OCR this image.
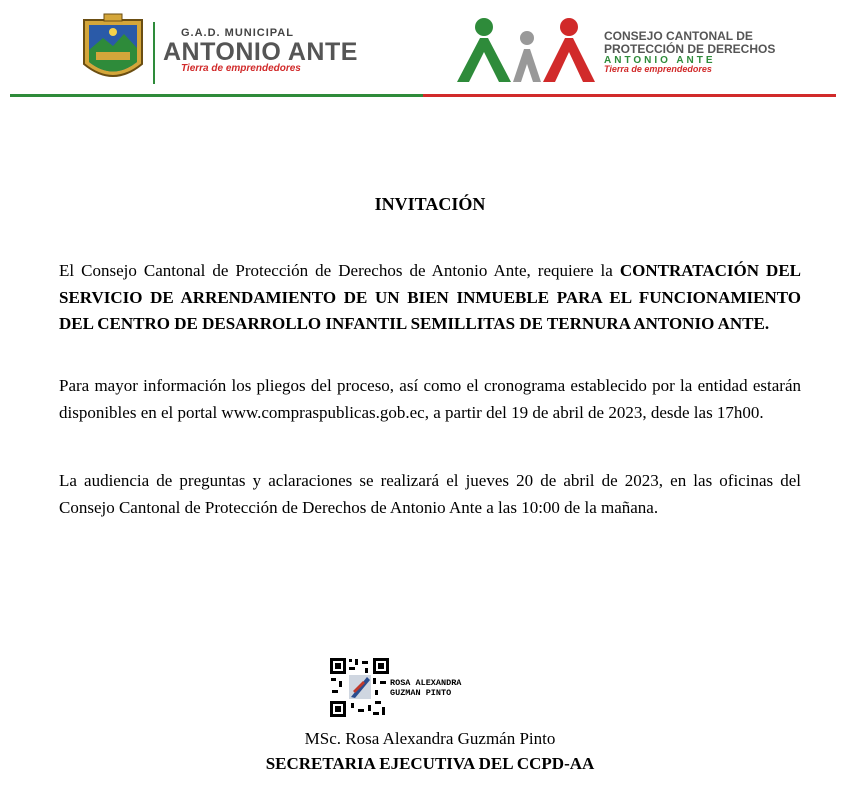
G.A.D. MUNICIPAL
ANTONIO ANTE
Tierra de emprendedores
CONSEJO CANTONAL DE
PROTECCIÓN DE DERECHOS
ANTONIO ANTE
Tierra de emprendedores
INVITACIÓN
El Consejo Cantonal de Protección de Derechos de Antonio Ante, requiere la CONTRATACIÓN DEL SERVICIO DE ARRENDAMIENTO DE UN BIEN INMUEBLE PARA EL FUNCIONAMIENTO DEL CENTRO DE DESARROLLO INFANTIL SEMILLITAS DE TERNURA ANTONIO ANTE.
Para mayor información los pliegos del proceso, así como el cronograma establecido por la entidad estarán disponibles en el portal www.compraspublicas.gob.ec, a partir del 19 de abril de 2023, desde las 17h00.
La audiencia de preguntas y aclaraciones se realizará el jueves 20 de abril de 2023, en las oficinas del Consejo Cantonal de Protección de Derechos de Antonio Ante a las 10:00 de la mañana.
ROSA ALEXANDRA
GUZMAN PINTO
MSc. Rosa Alexandra Guzmán Pinto
SECRETARIA EJECUTIVA DEL CCPD-AA
